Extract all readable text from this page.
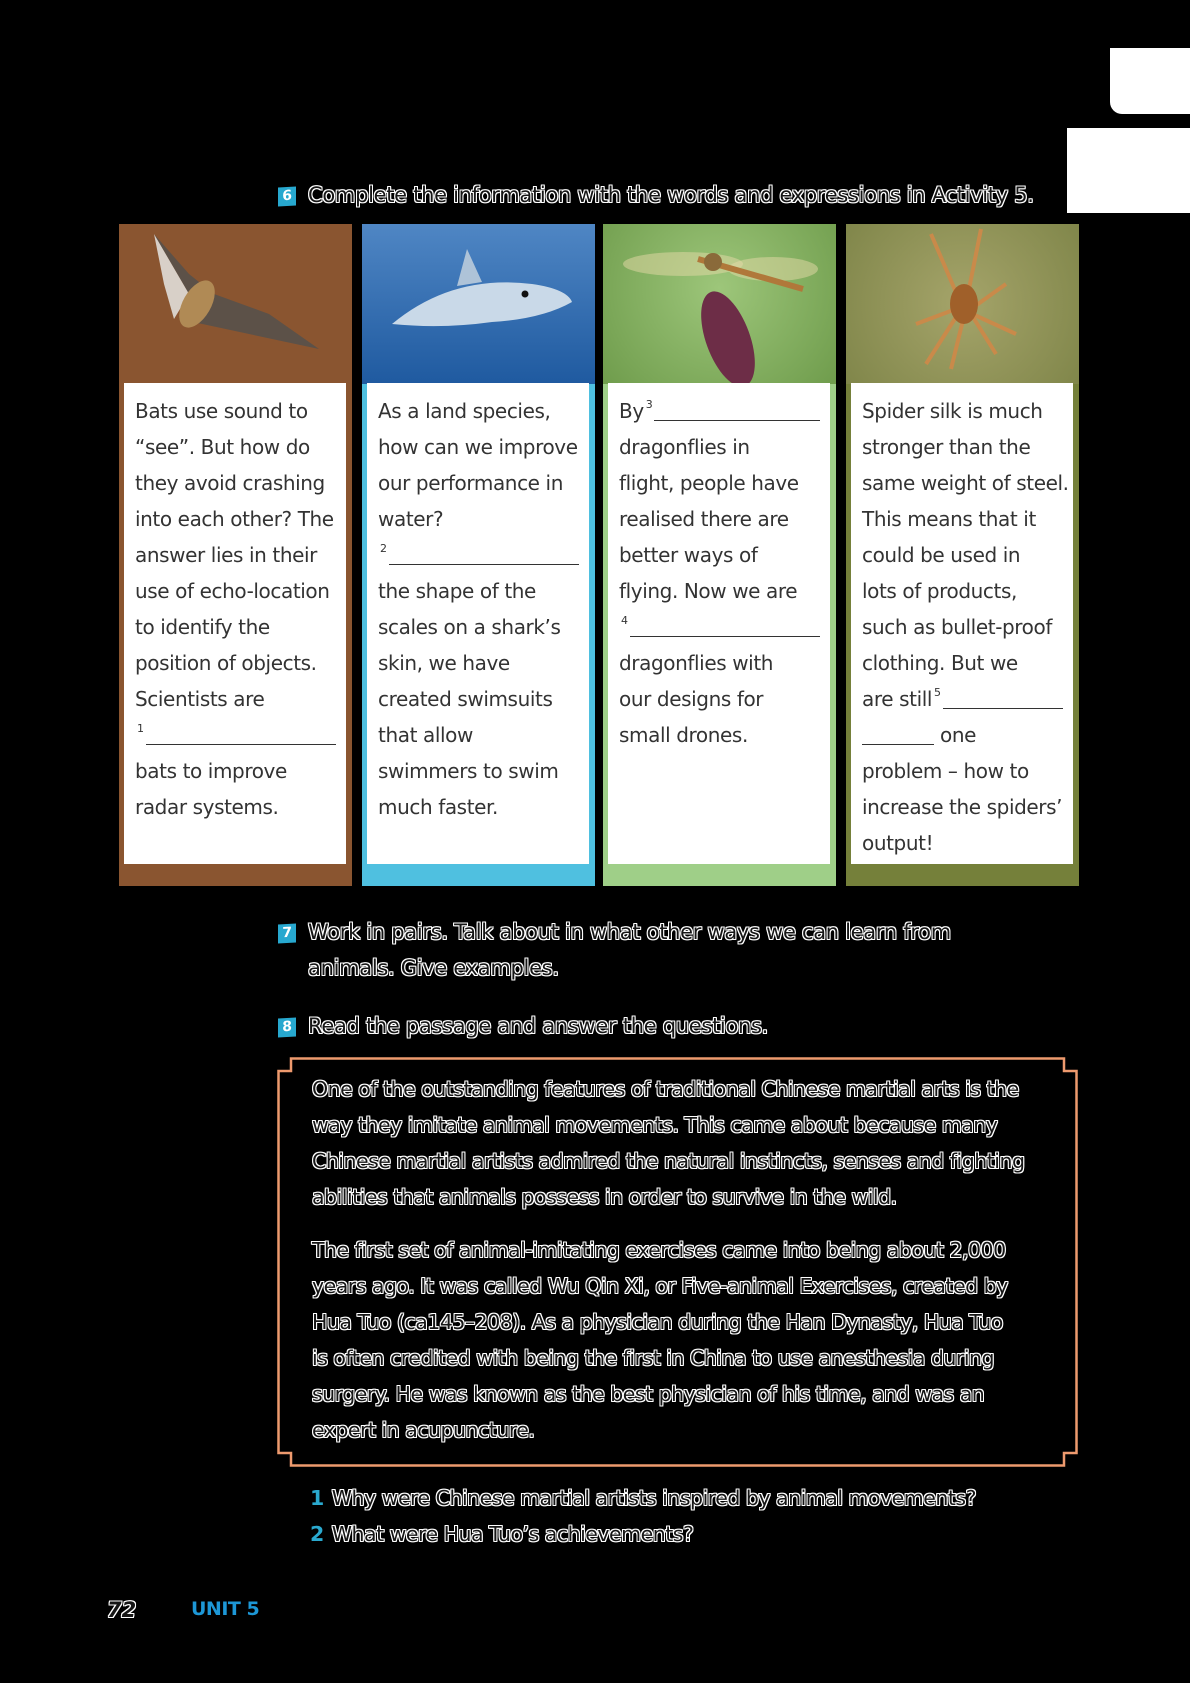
6 Complete the information with the words and expressions in Activity 5.
Bats use sound to
“see”. But how do
they avoid crashing
into each other? The
answer lies in their
use of echo-location
to identify the
position of objects.
Scientists are
1
bats to improve
radar systems.
As a land species,
how can we improve
our performance in
water?
2
the shape of the
scales on a shark’s
skin, we have
created swimsuits
that allow
swimmers to swim
much faster.
By 3
dragonflies in
flight, people have
realised there are
better ways of
flying. Now we are
4
dragonflies with
our designs for
small drones.
Spider silk is much
stronger than the
same weight of steel.
This means that it
could be used in
lots of products,
such as bullet-proof
clothing. But we
are still 5
one
problem – how to
increase the spiders’
output!
7 Work in pairs. Talk about in what other ways we can learn from
animals. Give examples.
8 Read the passage and answer the questions.

One of the outstanding features of traditional Chinese martial arts is the
way they imitate animal movements. This came about because many
Chinese martial artists admired the natural instincts, senses and fighting
abilities that animals possess in order to survive in the wild.

The first set of animal-imitating exercises came into being about 2,000
years ago. It was called Wu Qin Xi, or Five-animal Exercises, created by
Hua Tuo (ca145–208). As a physician during the Han Dynasty, Hua Tuo
is often credited with being the first in China to use anesthesia during
surgery. He was known as the best physician of his time, and was an
expert in acupuncture.

1 Why were Chinese martial artists inspired by animal movements?
2 What were Hua Tuo’s achievements?
72	UNIT 5
